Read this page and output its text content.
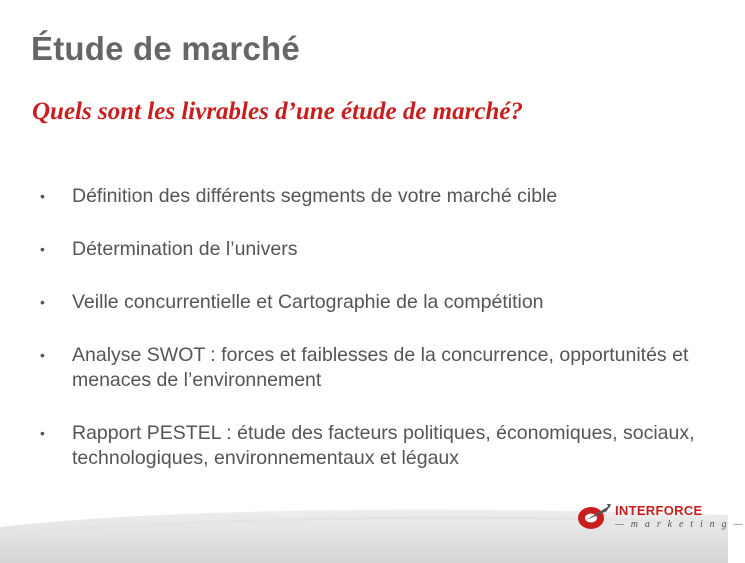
Étude de marché
Quels sont les livrables d’une étude de marché?
• Définition des différents segments de votre marché cible
• Détermination de l’univers
• Veille concurrentielle et Cartographie de la compétition
• Analyse SWOT : forces et faiblesses de la concurrence, opportunités et menaces de l’environnement
• Rapport PESTEL : étude des facteurs politiques, économiques, sociaux, technologiques, environnementaux et légaux
INTERFORCE
— m a r k e t i n g —
